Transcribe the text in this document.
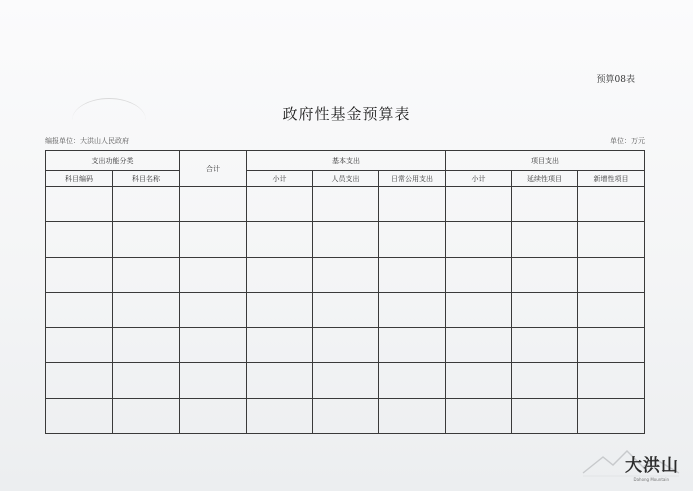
预算08表
政府性基金预算表
编报单位：大洪山人民政府	单位：万元
支出功能分类		合计	基本支出			项目支出		
科目编码	科目名称		小计	人员支出	日常公用支出	小计	延续性项目	新增性项目

大洪山
Dahong Mountain
